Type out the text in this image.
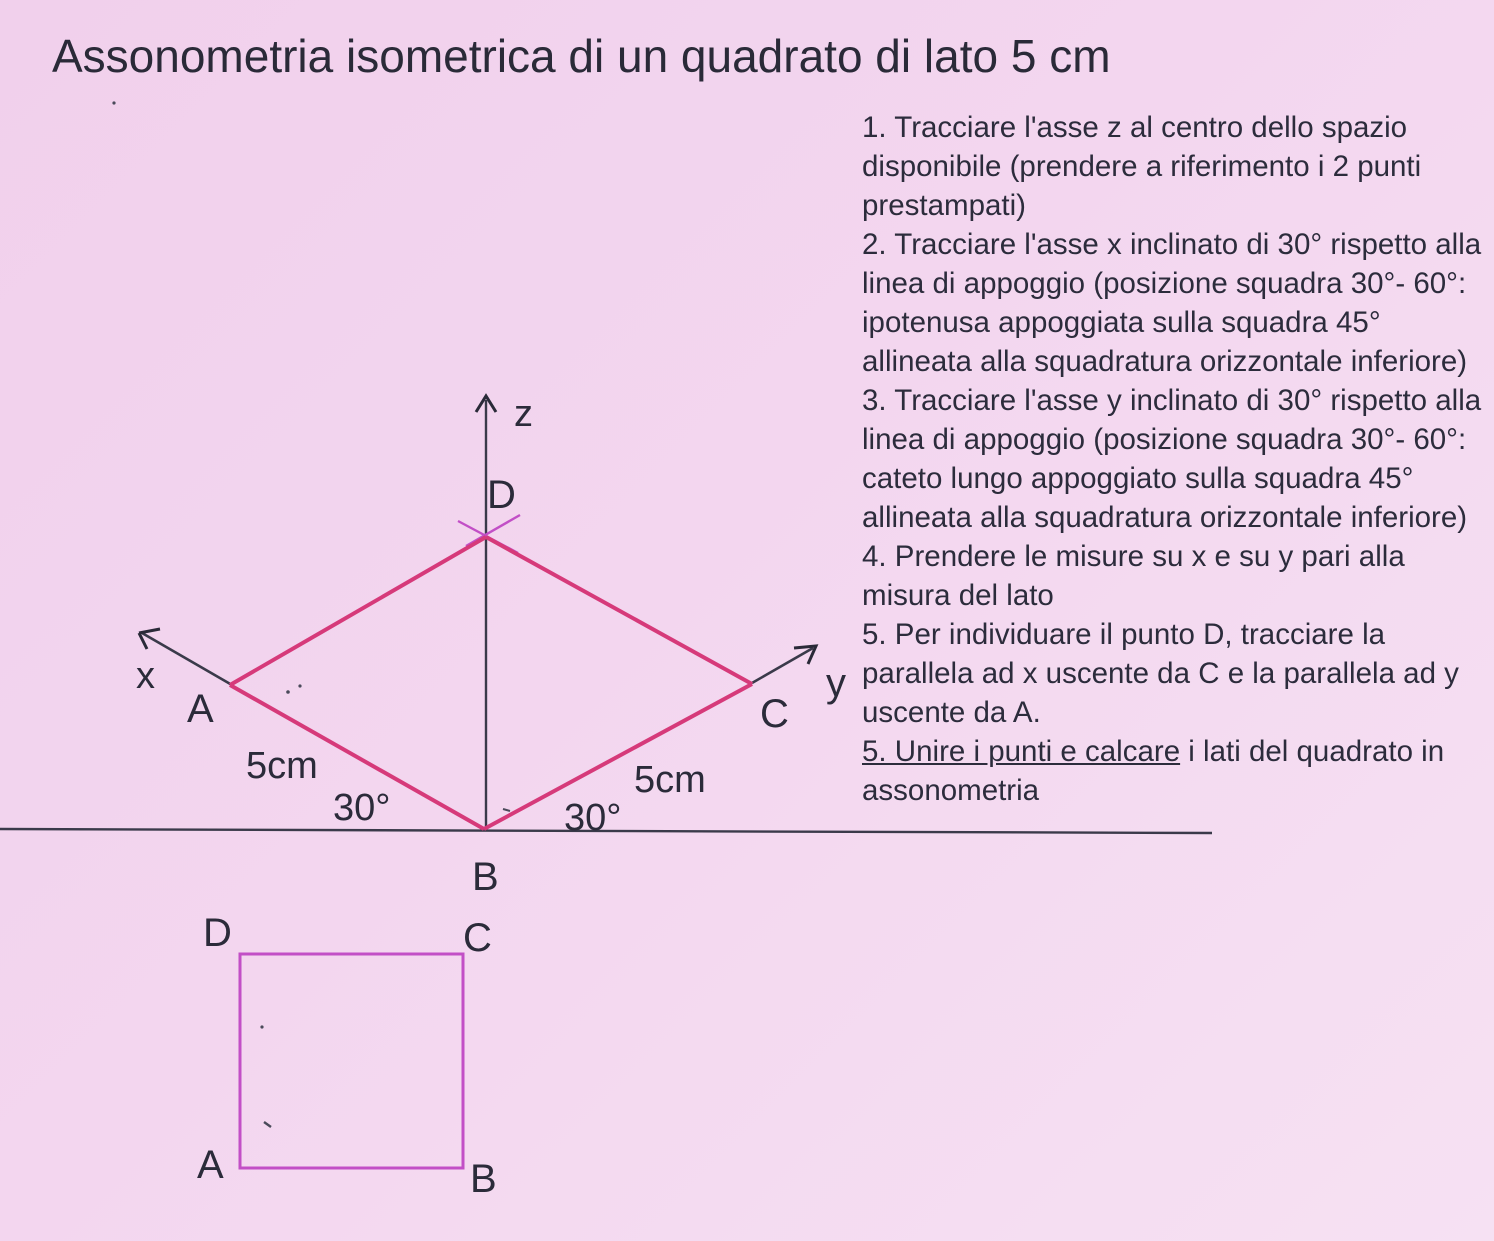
Assonometria isometrica di un quadrato di lato 5 cm

1. Tracciare l'asse z al centro dello spazio disponibile (prendere a riferimento i 2 punti prestampati)

2. Tracciare l'asse x inclinato di 30° rispetto alla linea di appoggio (posizione squadra 30°- 60°: ipotenusa appoggiata sulla squadra 45° allineata alla squadratura orizzontale inferiore)

3. Tracciare l'asse y inclinato di 30° rispetto alla linea di appoggio (posizione squadra 30°- 60°: cateto lungo appoggiato sulla squadra 45° allineata alla squadratura orizzontale inferiore)

4. Prendere le misure su x e su y pari alla misura del lato

5. Per individuare il punto D, tracciare la parallela ad x uscente da C e la parallela ad y uscente da A.

5. Unire i punti e calcare i lati del quadrato in assonometria

z
x	y
D
A	C
B
5cm	5cm
30°	30°
D	C
A	B
